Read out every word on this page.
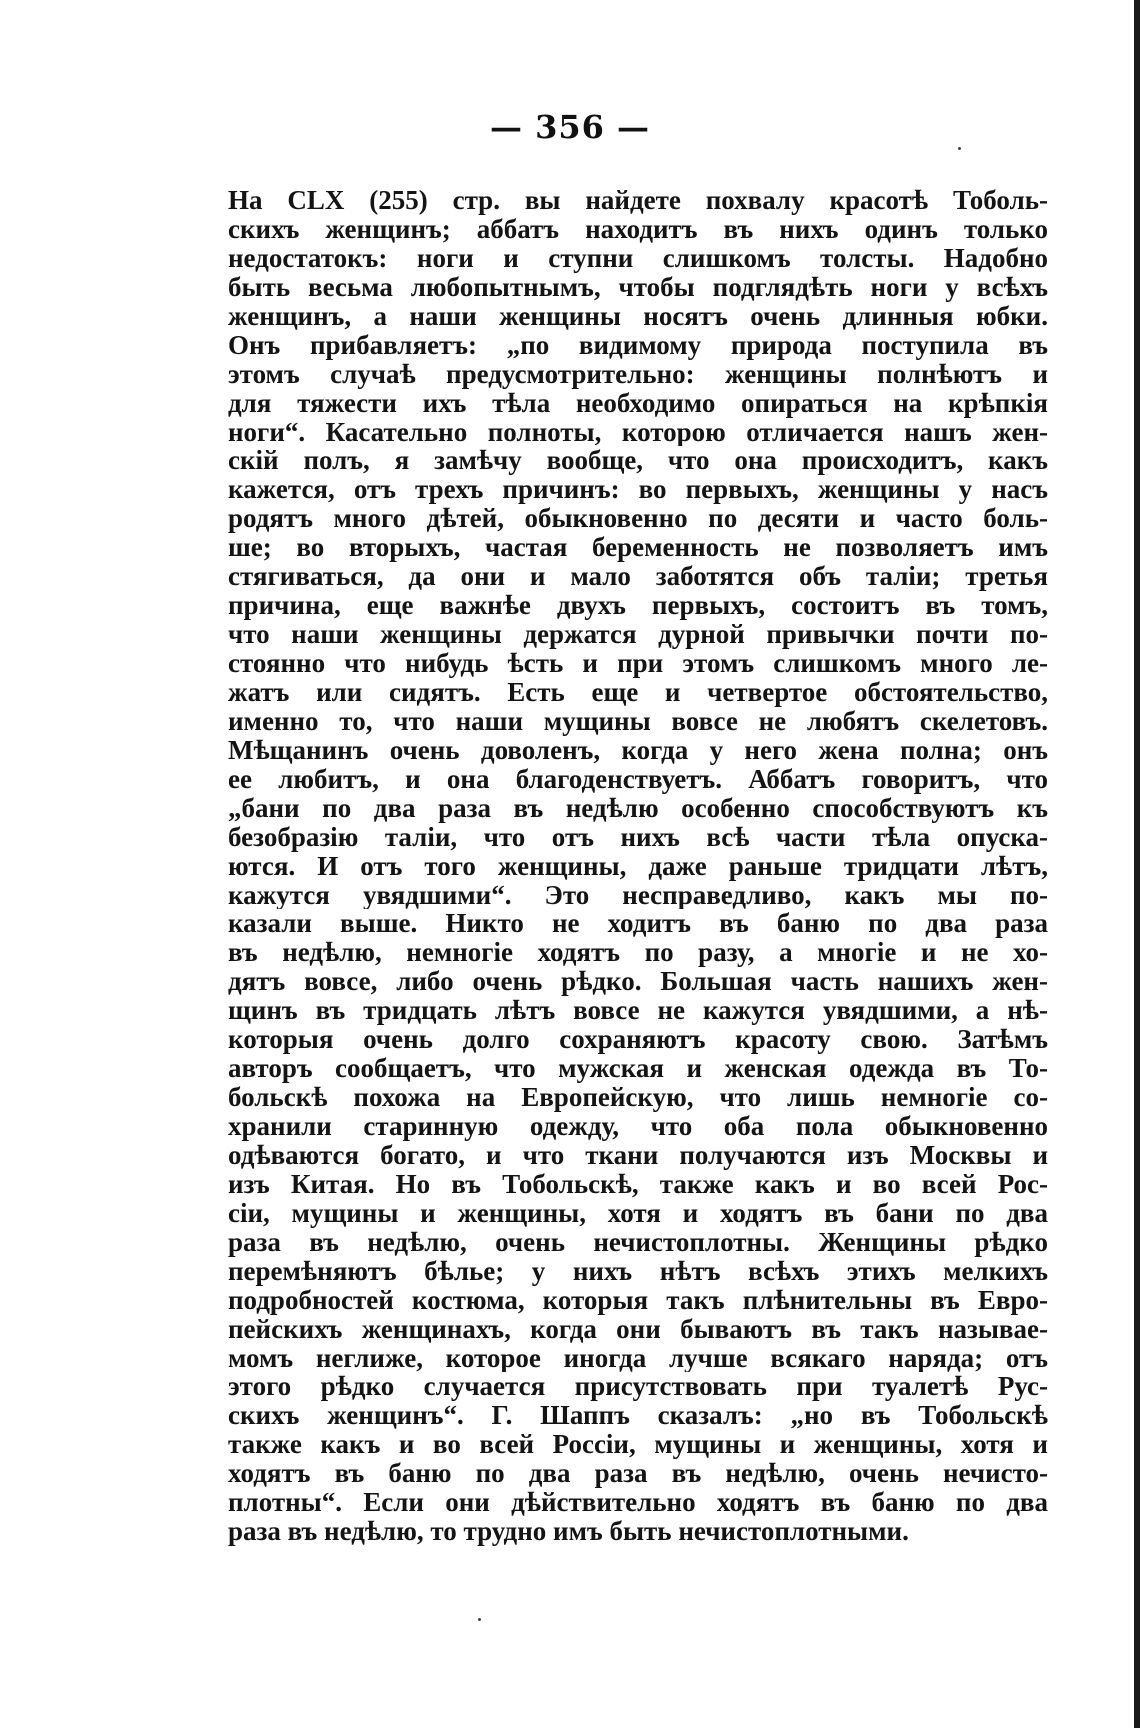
— 356 —
На CLX (255) стр. вы найдете похвалу красотѣ Тоболь-
скихъ женщинъ; аббатъ находитъ въ нихъ одинъ только
недостатокъ: ноги и ступни слишкомъ толсты. Надобно
быть весьма любопытнымъ, чтобы подглядѣть ноги у всѣхъ
женщинъ, а наши женщины носятъ очень длинныя юбки.
Онъ прибавляетъ: „по видимому природа поступила въ
этомъ случаѣ предусмотрительно: женщины полнѣютъ и
для тяжести ихъ тѣла необходимо опираться на крѣпкія
ноги“. Касательно полноты, которою отличается нашъ жен-
скій полъ, я замѣчу вообще, что она происходитъ, какъ
кажется, отъ трехъ причинъ: во первыхъ, женщины у насъ
родятъ много дѣтей, обыкновенно по десяти и часто боль-
ше; во вторыхъ, частая беременность не позволяетъ имъ
стягиваться, да они и мало заботятся объ таліи; третья
причина, еще важнѣе двухъ первыхъ, состоитъ въ томъ,
что наши женщины держатся дурной привычки почти по-
стоянно что нибудь ѣсть и при этомъ слишкомъ много ле-
жатъ или сидятъ. Есть еще и четвертое обстоятельство,
именно то, что наши мущины вовсе не любятъ скелетовъ.
Мѣщанинъ очень доволенъ, когда у него жена полна; онъ
ее любитъ, и она благоденствуетъ. Аббатъ говоритъ, что
„бани по два раза въ недѣлю особенно способствуютъ къ
безобразію таліи, что отъ нихъ всѣ части тѣла опуска-
ются. И отъ того женщины, даже раньше тридцати лѣтъ,
кажутся увядшими“. Это несправедливо, какъ мы по-
казали выше. Никто не ходитъ въ баню по два раза
въ недѣлю, немногіе ходятъ по разу, а многіе и не хо-
дятъ вовсе, либо очень рѣдко. Большая часть нашихъ жен-
щинъ въ тридцать лѣтъ вовсе не кажутся увядшими, а нѣ-
которыя очень долго сохраняютъ красоту свою. Затѣмъ
авторъ сообщаетъ, что мужская и женская одежда въ То-
больскѣ похожа на Европейскую, что лишь немногіе со-
хранили старинную одежду, что оба пола обыкновенно
одѣваются богато, и что ткани получаются изъ Москвы и
изъ Китая. Но въ Тобольскѣ, также какъ и во всей Рос-
сіи, мущины и женщины, хотя и ходятъ въ бани по два
раза въ недѣлю, очень нечистоплотны. Женщины рѣдко
перемѣняютъ бѣлье; у нихъ нѣтъ всѣхъ этихъ мелкихъ
подробностей костюма, которыя такъ плѣнительны въ Евро-
пейскихъ женщинахъ, когда они бываютъ въ такъ называе-
момъ неглиже, которое иногда лучше всякаго наряда; отъ
этого рѣдко случается присутствовать при туалетѣ Рус-
скихъ женщинъ“. Г. Шаппъ сказалъ: „но въ Тобольскѣ
также какъ и во всей Россіи, мущины и женщины, хотя и
ходятъ въ баню по два раза въ недѣлю, очень нечисто-
плотны“. Если они дѣйствительно ходятъ въ баню по два
раза въ недѣлю, то трудно имъ быть нечистоплотными.
